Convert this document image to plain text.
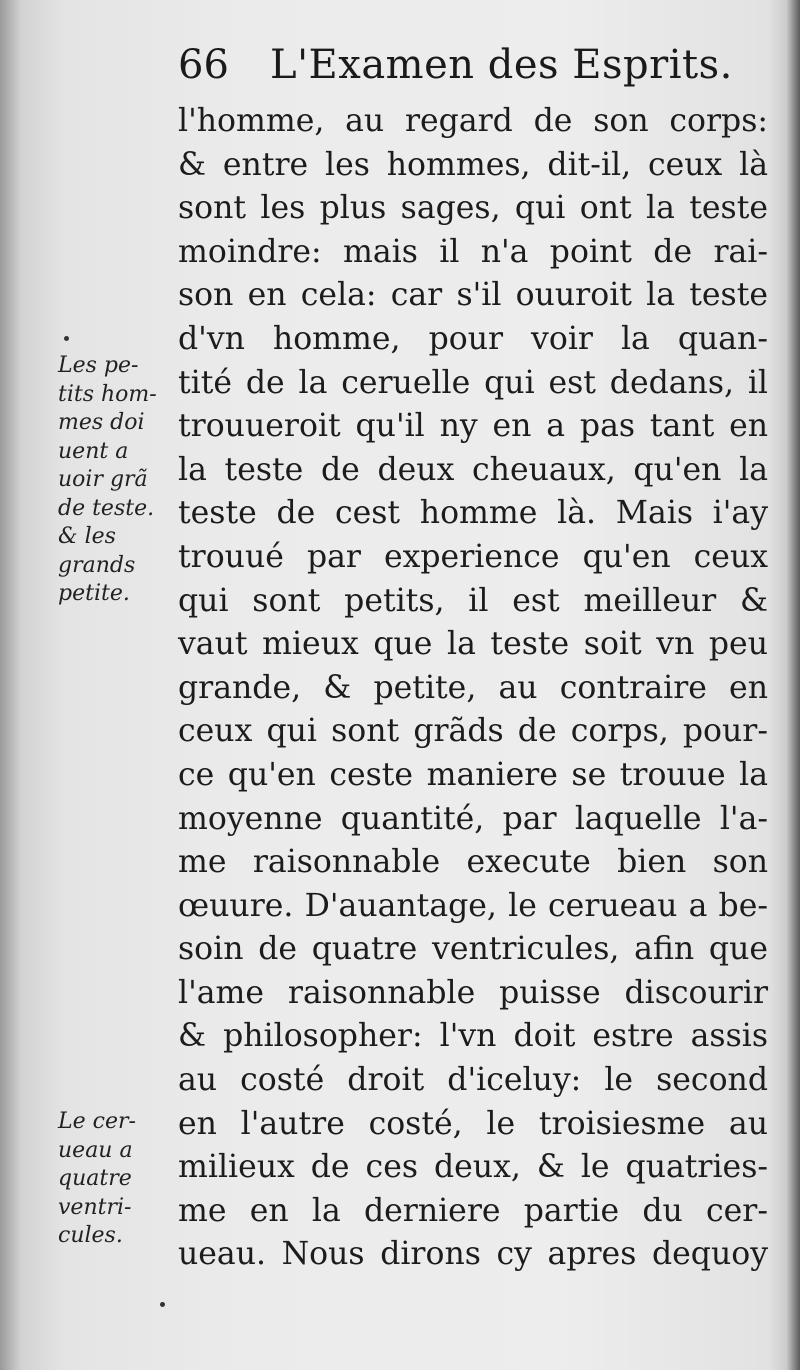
66 L'Examen des Esprits.
l'homme, au regard de son corps:
& entre les hommes, dit-il, ceux là
sont les plus sages, qui ont la teste
moindre: mais il n'a point de rai-
son en cela: car s'il ouuroit la teste
d'vn homme, pour voir la quan-
tité de la ceruelle qui est dedans, il
trouueroit qu'il ny en a pas tant en
la teste de deux cheuaux, qu'en la
teste de cest homme là. Mais i'ay
trouué par experience qu'en ceux
qui sont petits, il est meilleur &
vaut mieux que la teste soit vn peu
grande, & petite, au contraire en
ceux qui sont grãds de corps, pour-
ce qu'en ceste maniere se trouue la
moyenne quantité, par laquelle l'a-
me raisonnable execute bien son
œuure. D'auantage, le cerueau a be-
soin de quatre ventricules, afin que
l'ame raisonnable puisse discourir
& philosopher: l'vn doit estre assis
au costé droit d'iceluy: le second
en l'autre costé, le troisiesme au
milieux de ces deux, & le quatries-
me en la derniere partie du cer-
ueau. Nous dirons cy apres dequoy
Les pe-
tits hom-
mes doi
uent a
uoir grã
de teste.
& les
grands
petite.
Le cer-
ueau a
quatre
ventri-
cules.
